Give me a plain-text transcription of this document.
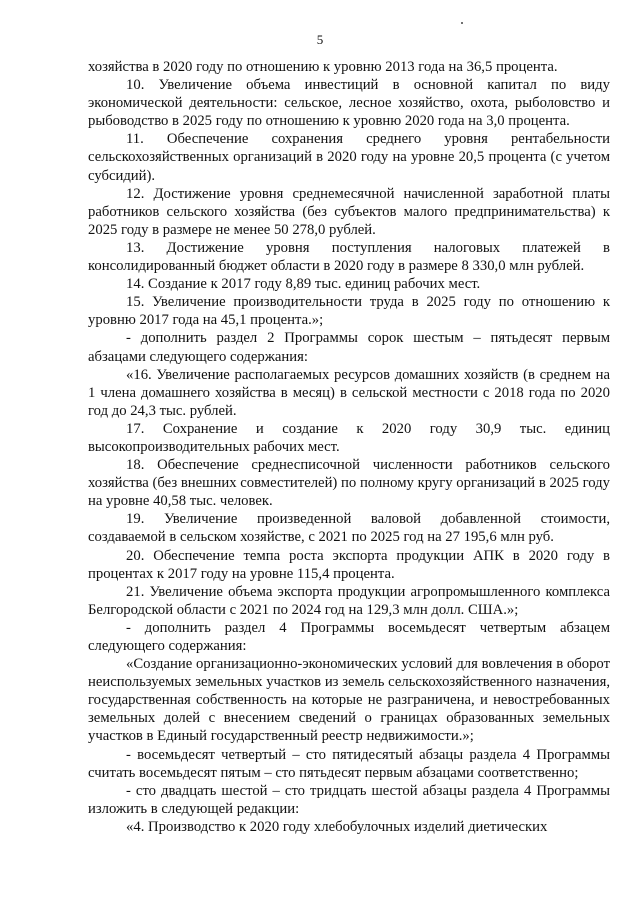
5

хозяйства в 2020 году по отношению к уровню 2013 года на 36,5 процента.

10. Увеличение объема инвестиций в основной капитал по виду экономической деятельности: сельское, лесное хозяйство, охота, рыболовство и рыбоводство в 2025 году по отношению к уровню 2020 года на 3,0 процента.

11. Обеспечение сохранения среднего уровня рентабельности сельскохозяйственных организаций в 2020 году на уровне 20,5 процента (с учетом субсидий).

12. Достижение уровня среднемесячной начисленной заработной платы работников сельского хозяйства (без субъектов малого предпринимательства) к 2025 году в размере не менее 50 278,0 рублей.

13. Достижение уровня поступления налоговых платежей в консолидированный бюджет области в 2020 году в размере 8 330,0 млн рублей.

14. Создание к 2017 году 8,89 тыс. единиц рабочих мест.

15. Увеличение производительности труда в 2025 году по отношению к уровню 2017 года на 45,1 процента.»;

- дополнить раздел 2 Программы сорок шестым – пятьдесят первым абзацами следующего содержания:

«16. Увеличение располагаемых ресурсов домашних хозяйств (в среднем на 1 члена домашнего хозяйства в месяц) в сельской местности с 2018 года по 2020 год до 24,3 тыс. рублей.

17. Сохранение и создание к 2020 году 30,9 тыс. единиц высокопроизводительных рабочих мест.

18. Обеспечение среднесписочной численности работников сельского хозяйства (без внешних совместителей) по полному кругу организаций в 2025 году на уровне 40,58 тыс. человек.

19. Увеличение произведенной валовой добавленной стоимости, создаваемой в сельском хозяйстве, с 2021 по 2025 год на 27 195,6 млн руб.

20. Обеспечение темпа роста экспорта продукции АПК в 2020 году в процентах к 2017 году на уровне 115,4 процента.

21. Увеличение объема экспорта продукции агропромышленного комплекса Белгородской области с 2021 по 2024 год на 129,3 млн долл. США.»;

- дополнить раздел 4 Программы восемьдесят четвертым абзацем следующего содержания:

«Создание организационно-экономических условий для вовлечения в оборот неиспользуемых земельных участков из земель сельскохозяйственного назначения, государственная собственность на которые не разграничена, и невостребованных земельных долей с внесением сведений о границах образованных земельных участков в Единый государственный реестр недвижимости.»;

- восемьдесят четвертый – сто пятидесятый абзацы раздела 4 Программы считать восемьдесят пятым – сто пятьдесят первым абзацами соответственно;

- сто двадцать шестой – сто тридцать шестой абзацы раздела 4 Программы изложить в следующей редакции:

«4. Производство к 2020 году хлебобулочных изделий диетических
